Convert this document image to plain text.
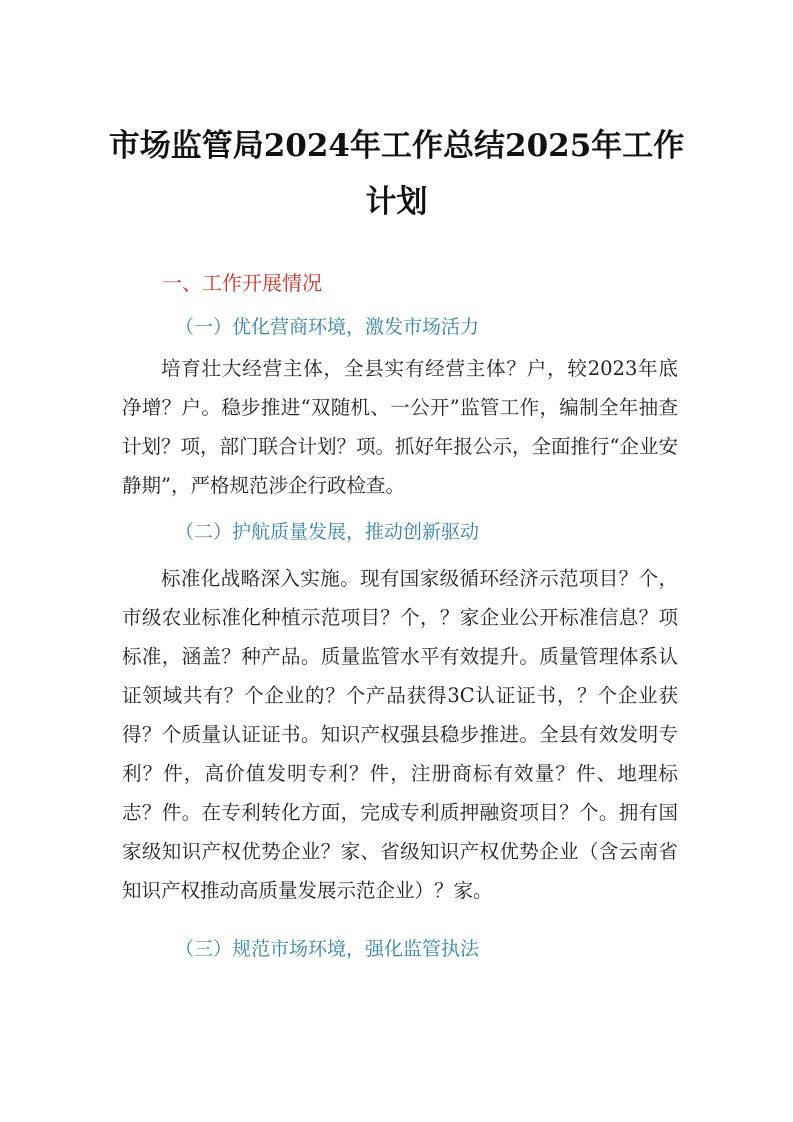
市场监管局2024年工作总结2025年工作计划
一、工作开展情况
（一）优化营商环境，激发市场活力

培育壮大经营主体，全县实有经营主体？户，较2023年底净增？户。稳步推进“双随机、一公开”监管工作，编制全年抽查计划？项，部门联合计划？项。抓好年报公示，全面推行“企业安静期”，严格规范涉企行政检查。

（二）护航质量发展，推动创新驱动

标准化战略深入实施。现有国家级循环经济示范项目？个，市级农业标准化种植示范项目？个，？家企业公开标准信息？项标准，涵盖？种产品。质量监管水平有效提升。质量管理体系认证领域共有？个企业的？个产品获得3C认证证书，？个企业获得？个质量认证证书。知识产权强县稳步推进。全县有效发明专利？件，高价值发明专利？件，注册商标有效量？件、地理标志？件。在专利转化方面，完成专利质押融资项目？个。拥有国家级知识产权优势企业？家、省级知识产权优势企业（含云南省知识产权推动高质量发展示范企业）？家。

（三）规范市场环境，强化监管执法
